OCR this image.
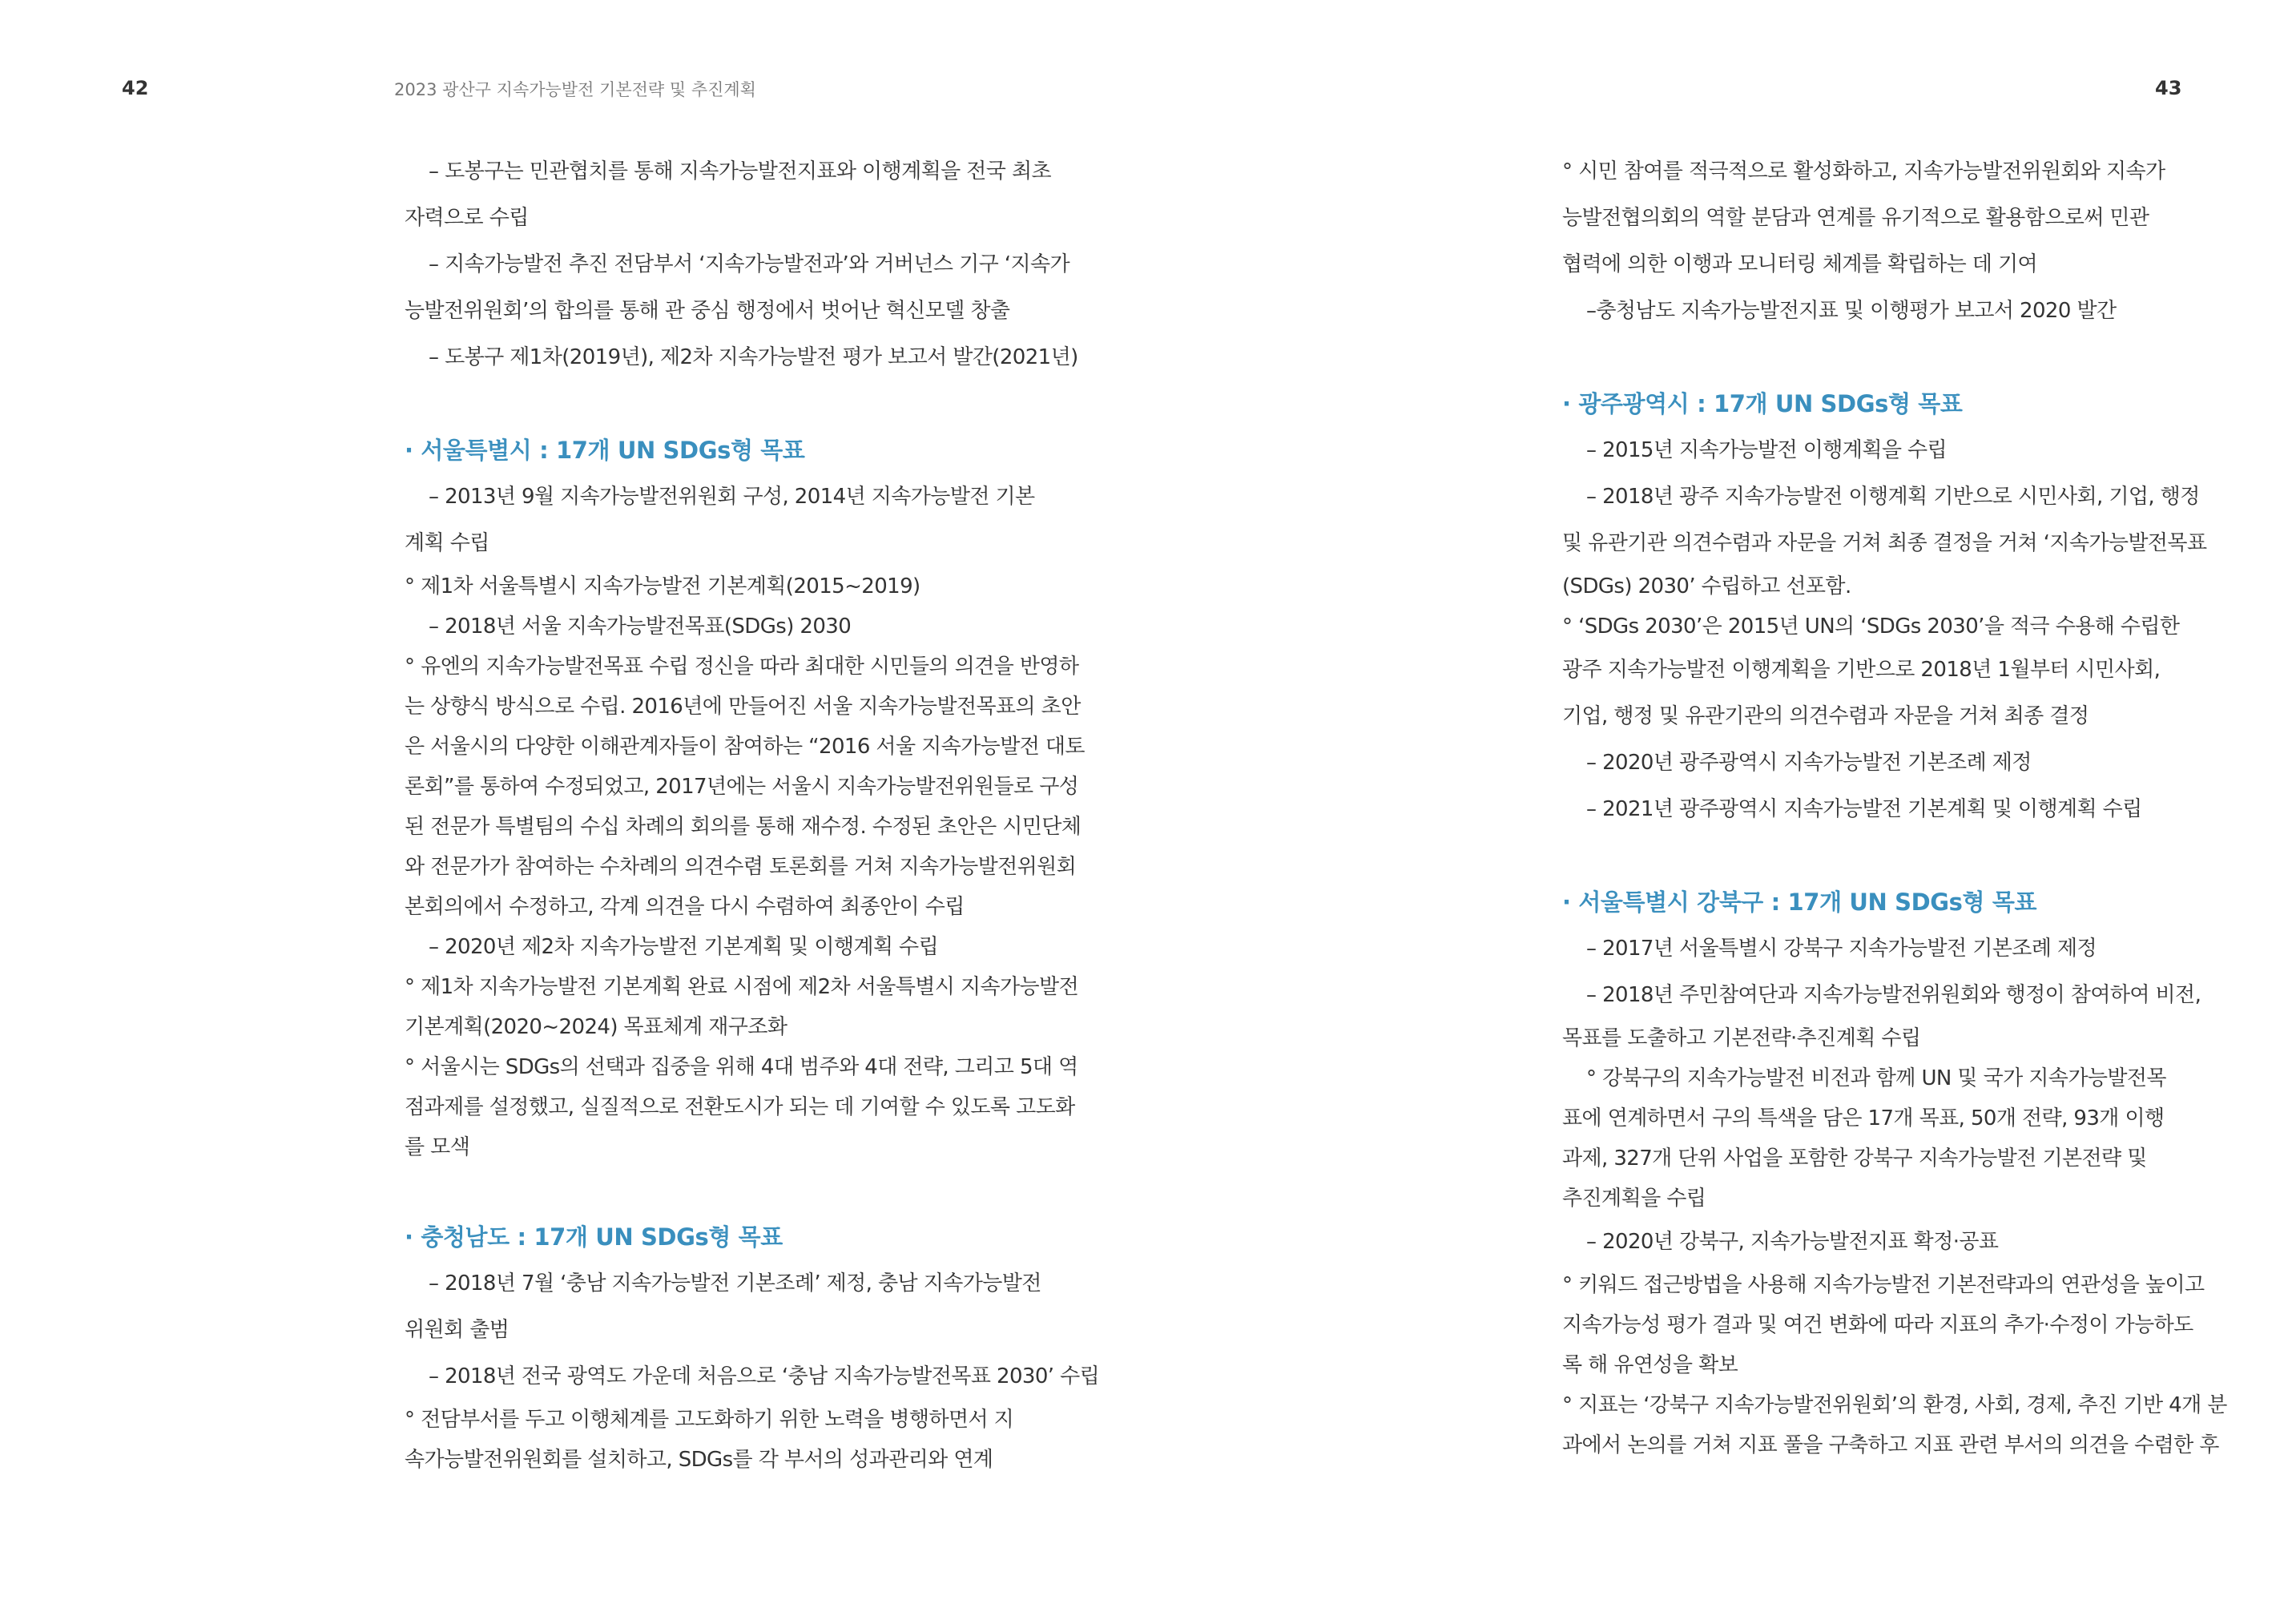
42	2023 광산구 지속가능발전 기본전략 및 추진계획	43
– 도봉구는 민관협치를 통해 지속가능발전지표와 이행계획을 전국 최초
자력으로 수립
– 지속가능발전 추진 전담부서 ‘지속가능발전과’와 거버넌스 기구 ‘지속가
능발전위원회’의 합의를 통해 관 중심 행정에서 벗어난 혁신모델 창출
– 도봉구 제1차(2019년), 제2차 지속가능발전 평가 보고서 발간(2021년)
· 서울특별시 : 17개 UN SDGs형 목표
– 2013년 9월 지속가능발전위원회 구성, 2014년 지속가능발전 기본
계획 수립
° 제1차 서울특별시 지속가능발전 기본계획(2015~2019)
– 2018년 서울 지속가능발전목표(SDGs) 2030
° 유엔의 지속가능발전목표 수립 정신을 따라 최대한 시민들의 의견을 반영하
는 상향식 방식으로 수립. 2016년에 만들어진 서울 지속가능발전목표의 초안
은 서울시의 다양한 이해관계자들이 참여하는 “2016 서울 지속가능발전 대토
론회”를 통하여 수정되었고, 2017년에는 서울시 지속가능발전위원들로 구성
된 전문가 특별팀의 수십 차례의 회의를 통해 재수정. 수정된 초안은 시민단체
와 전문가가 참여하는 수차례의 의견수렴 토론회를 거쳐 지속가능발전위원회
본회의에서 수정하고, 각계 의견을 다시 수렴하여 최종안이 수립
– 2020년 제2차 지속가능발전 기본계획 및 이행계획 수립
° 제1차 지속가능발전 기본계획 완료 시점에 제2차 서울특별시 지속가능발전
기본계획(2020~2024) 목표체계 재구조화
° 서울시는 SDGs의 선택과 집중을 위해 4대 범주와 4대 전략, 그리고 5대 역
점과제를 설정했고, 실질적으로 전환도시가 되는 데 기여할 수 있도록 고도화
를 모색
· 충청남도 : 17개 UN SDGs형 목표
– 2018년 7월 ‘충남 지속가능발전 기본조례’ 제정, 충남 지속가능발전
위원회 출범
– 2018년 전국 광역도 가운데 처음으로 ‘충남 지속가능발전목표 2030’ 수립
° 전담부서를 두고 이행체계를 고도화하기 위한 노력을 병행하면서 지
속가능발전위원회를 설치하고, SDGs를 각 부서의 성과관리와 연계
° 시민 참여를 적극적으로 활성화하고, 지속가능발전위원회와 지속가
능발전협의회의 역할 분담과 연계를 유기적으로 활용함으로써 민관
협력에 의한 이행과 모니터링 체계를 확립하는 데 기여
–충청남도 지속가능발전지표 및 이행평가 보고서 2020 발간
· 광주광역시 : 17개 UN SDGs형 목표
– 2015년 지속가능발전 이행계획을 수립
– 2018년 광주 지속가능발전 이행계획 기반으로 시민사회, 기업, 행정
및 유관기관 의견수렴과 자문을 거쳐 최종 결정을 거쳐 ‘지속가능발전목표
(SDGs) 2030’ 수립하고 선포함.
° ‘SDGs 2030’은 2015년 UN의 ‘SDGs 2030’을 적극 수용해 수립한
광주 지속가능발전 이행계획을 기반으로 2018년 1월부터 시민사회,
기업, 행정 및 유관기관의 의견수렴과 자문을 거쳐 최종 결정
– 2020년 광주광역시 지속가능발전 기본조례 제정
– 2021년 광주광역시 지속가능발전 기본계획 및 이행계획 수립
· 서울특별시 강북구 : 17개 UN SDGs형 목표
– 2017년 서울특별시 강북구 지속가능발전 기본조례 제정
– 2018년 주민참여단과 지속가능발전위원회와 행정이 참여하여 비전,
목표를 도출하고 기본전략·추진계획 수립
° 강북구의 지속가능발전 비전과 함께 UN 및 국가 지속가능발전목
표에 연계하면서 구의 특색을 담은 17개 목표, 50개 전략, 93개 이행
과제, 327개 단위 사업을 포함한 강북구 지속가능발전 기본전략 및
추진계획을 수립
– 2020년 강북구, 지속가능발전지표 확정·공표
° 키워드 접근방법을 사용해 지속가능발전 기본전략과의 연관성을 높이고
지속가능성 평가 결과 및 여건 변화에 따라 지표의 추가·수정이 가능하도
록 해 유연성을 확보
° 지표는 ‘강북구 지속가능발전위원회’의 환경, 사회, 경제, 추진 기반 4개 분
과에서 논의를 거쳐 지표 풀을 구축하고 지표 관련 부서의 의견을 수렴한 후
